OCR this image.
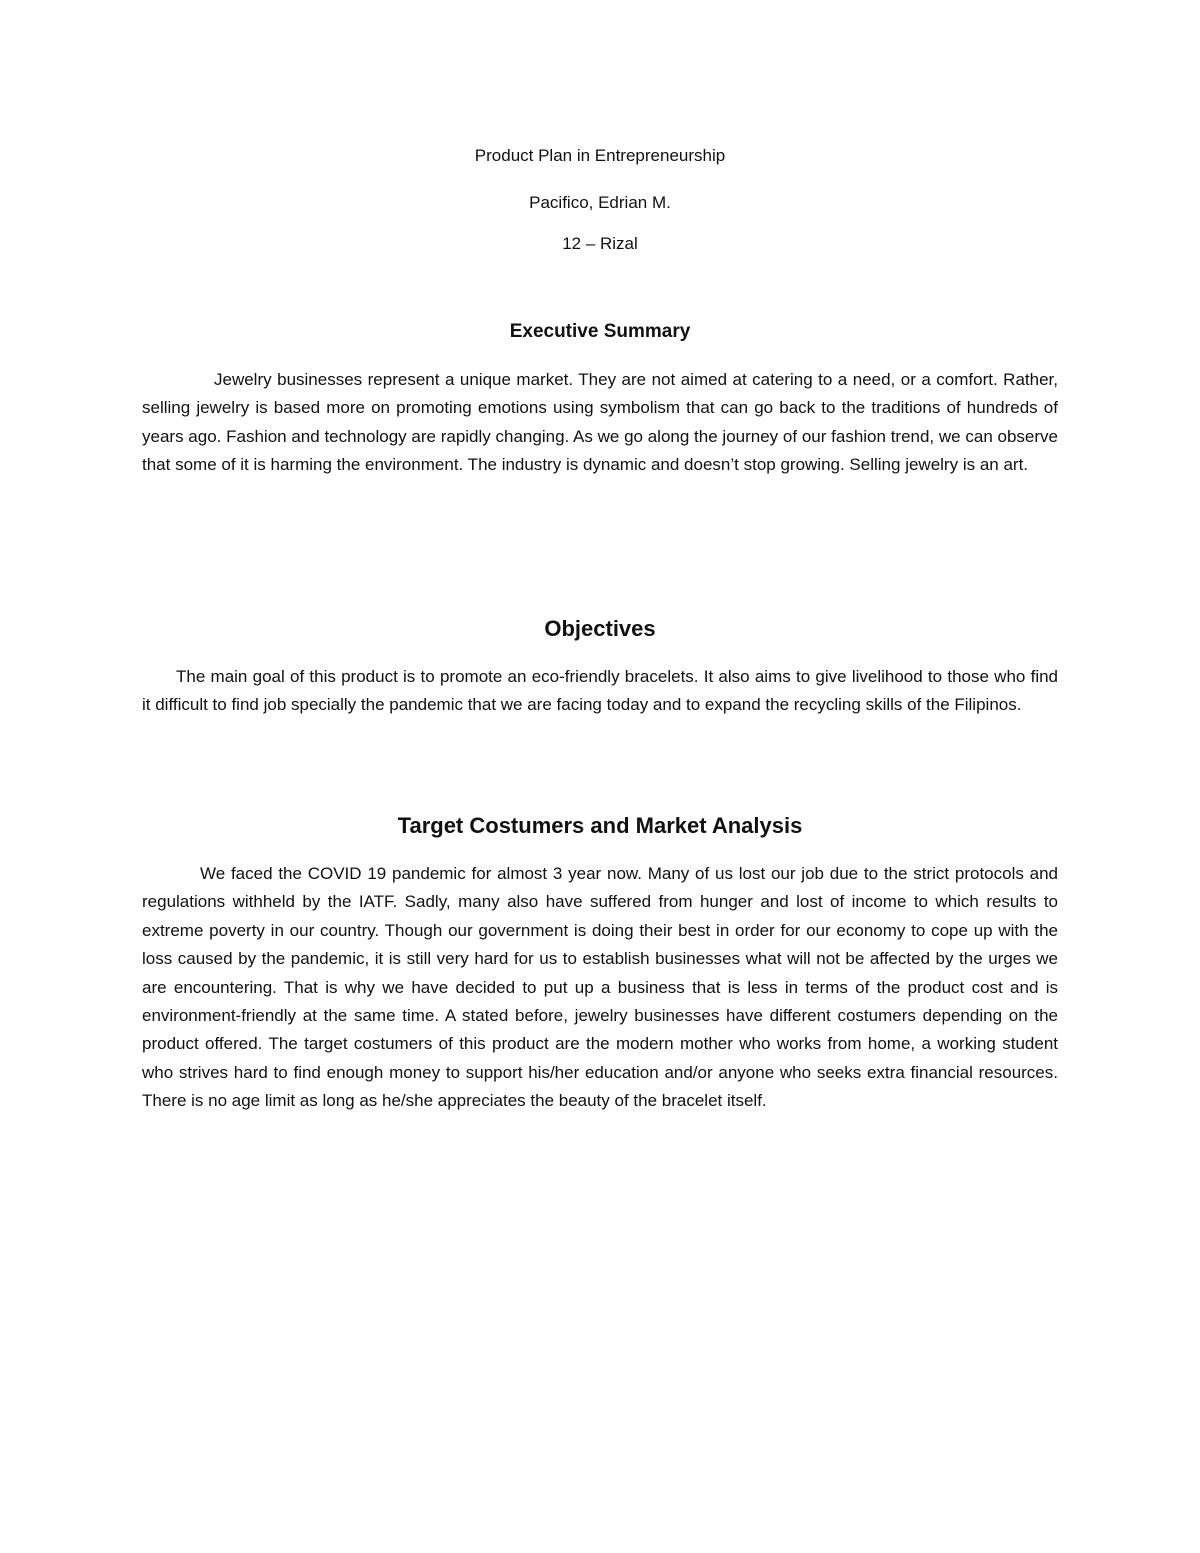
Product Plan in Entrepreneurship
Pacifico, Edrian M.
12 – Rizal
Executive Summary

Jewelry businesses represent a unique market. They are not aimed at catering to a need, or a comfort. Rather, selling jewelry is based more on promoting emotions using symbolism that can go back to the traditions of hundreds of years ago. Fashion and technology are rapidly changing. As we go along the journey of our fashion trend, we can observe that some of it is harming the environment. The industry is dynamic and doesn’t stop growing. Selling jewelry is an art.

Objectives

The main goal of this product is to promote an eco-friendly bracelets. It also aims to give livelihood to those who find it difficult to find job specially the pandemic that we are facing today and to expand the recycling skills of the Filipinos.

Target Costumers and Market Analysis

We faced the COVID 19 pandemic for almost 3 year now. Many of us lost our job due to the strict protocols and regulations withheld by the IATF. Sadly, many also have suffered from hunger and lost of income to which results to extreme poverty in our country. Though our government is doing their best in order for our economy to cope up with the loss caused by the pandemic, it is still very hard for us to establish businesses what will not be affected by the urges we are encountering. That is why we have decided to put up a business that is less in terms of the product cost and is environment-friendly at the same time. A stated before, jewelry businesses have different costumers depending on the product offered. The target costumers of this product are the modern mother who works from home, a working student who strives hard to find enough money to support his/her education and/or anyone who seeks extra financial resources. There is no age limit as long as he/she appreciates the beauty of the bracelet itself.
